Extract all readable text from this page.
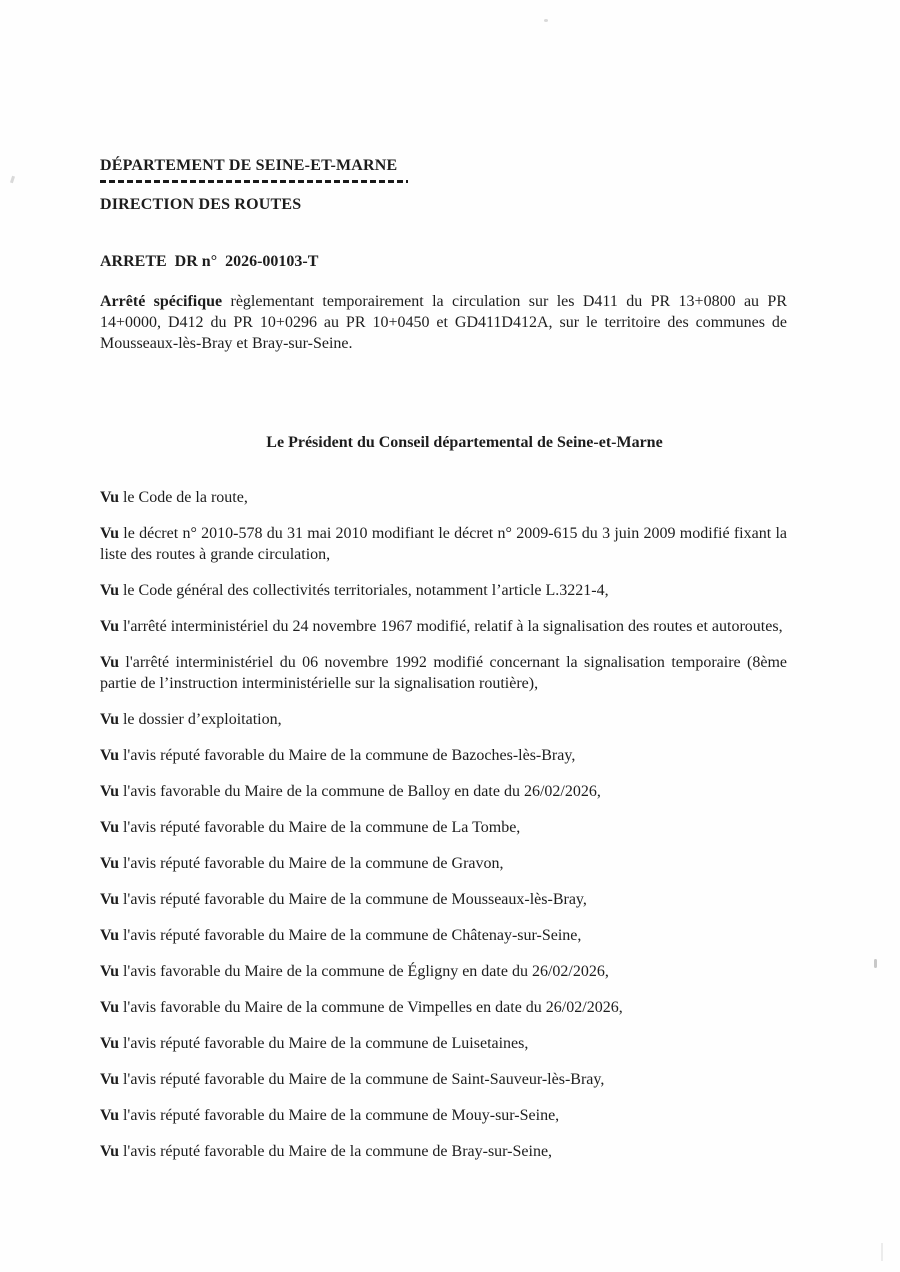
DÉPARTEMENT DE SEINE-ET-MARNE
DIRECTION DES ROUTES
ARRETE  DR n°  2026-00103-T

Arrêté spécifique règlementant temporairement la circulation sur les D411 du PR 13+0800 au PR 14+0000, D412 du PR 10+0296 au PR 10+0450 et GD411D412A, sur le territoire des communes de Mousseaux-lès-Bray et Bray-sur-Seine.

Le Président du Conseil départemental de Seine-et-Marne

Vu le Code de la route,

Vu le décret n° 2010-578 du 31 mai 2010 modifiant le décret n° 2009-615 du 3 juin 2009 modifié fixant la liste des routes à grande circulation,

Vu le Code général des collectivités territoriales, notamment l’article L.3221-4,

Vu l'arrêté interministériel du 24 novembre 1967 modifié, relatif à la signalisation des routes et autoroutes,

Vu l'arrêté interministériel du 06 novembre 1992 modifié concernant la signalisation temporaire (8ème partie de l’instruction interministérielle sur la signalisation routière),

Vu le dossier d’exploitation,

Vu l'avis réputé favorable du Maire de la commune de Bazoches-lès-Bray,

Vu l'avis favorable du Maire de la commune de Balloy en date du 26/02/2026,

Vu l'avis réputé favorable du Maire de la commune de La Tombe,

Vu l'avis réputé favorable du Maire de la commune de Gravon,

Vu l'avis réputé favorable du Maire de la commune de Mousseaux-lès-Bray,

Vu l'avis réputé favorable du Maire de la commune de Châtenay-sur-Seine,

Vu l'avis favorable du Maire de la commune de Égligny en date du 26/02/2026,

Vu l'avis favorable du Maire de la commune de Vimpelles en date du 26/02/2026,

Vu l'avis réputé favorable du Maire de la commune de Luisetaines,

Vu l'avis réputé favorable du Maire de la commune de Saint-Sauveur-lès-Bray,

Vu l'avis réputé favorable du Maire de la commune de Mouy-sur-Seine,

Vu l'avis réputé favorable du Maire de la commune de Bray-sur-Seine,
